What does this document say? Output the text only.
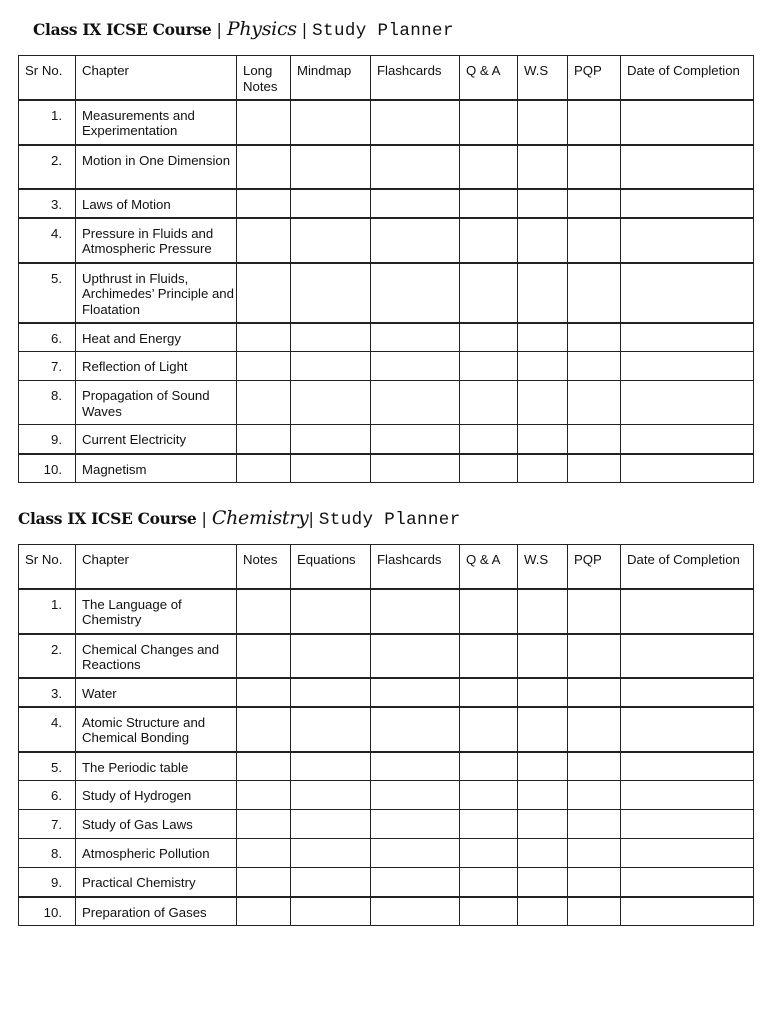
Class IX ICSE Course | Physics | Study Planner
Sr No.	Chapter	Long Notes	Mindmap	Flashcards	Q & A	W.S	PQP	Date of Completion
1.	Measurements and Experimentation							
2.	Motion in One Dimension							
3.	Laws of Motion							
4.	Pressure in Fluids and Atmospheric Pressure							
5.	Upthrust in Fluids, Archimedes’ Principle and Floatation							
6.	Heat and Energy							
7.	Reflection of Light							
8.	Propagation of Sound Waves							
9.	Current Electricity							
10.	Magnetism							
Class IX ICSE Course | Chemistry | Study Planner
Sr No.	Chapter	Notes	Equations	Flashcards	Q & A	W.S	PQP	Date of Completion
1.	The Language of Chemistry							
2.	Chemical Changes and Reactions							
3.	Water							
4.	Atomic Structure and Chemical Bonding							
5.	The Periodic table							
6.	Study of Hydrogen							
7.	Study of Gas Laws							
8.	Atmospheric Pollution							
9.	Practical Chemistry							
10.	Preparation of Gases							
